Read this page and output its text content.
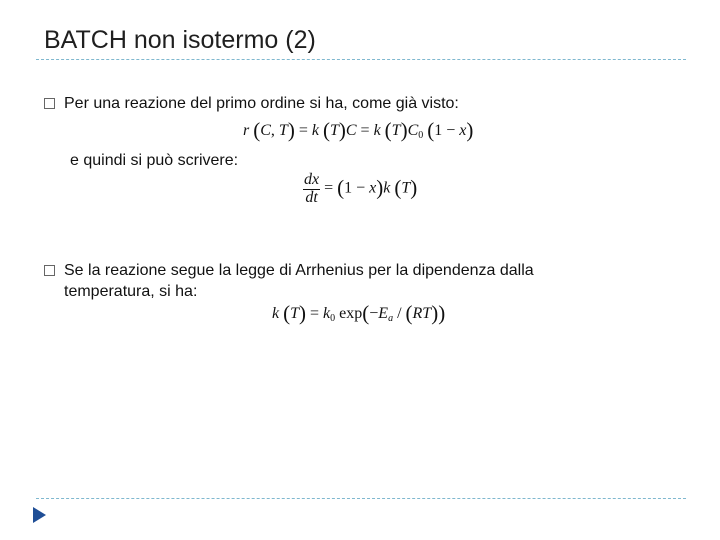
BATCH non isotermo (2)
Per una reazione del primo ordine si ha, come già visto:
r (C, T) = k (T)C = k $(T)C_0$ (1 − x)
e quindi si può scrivere:
$\frac{dx}{dt} = (1 - x)k$ (T)
Se la reazione segue la legge di Arrhenius per la dipendenza dalla
temperatura, si ha:
k $(T) = k_0$ $\exp(-E_a / (RT))$
